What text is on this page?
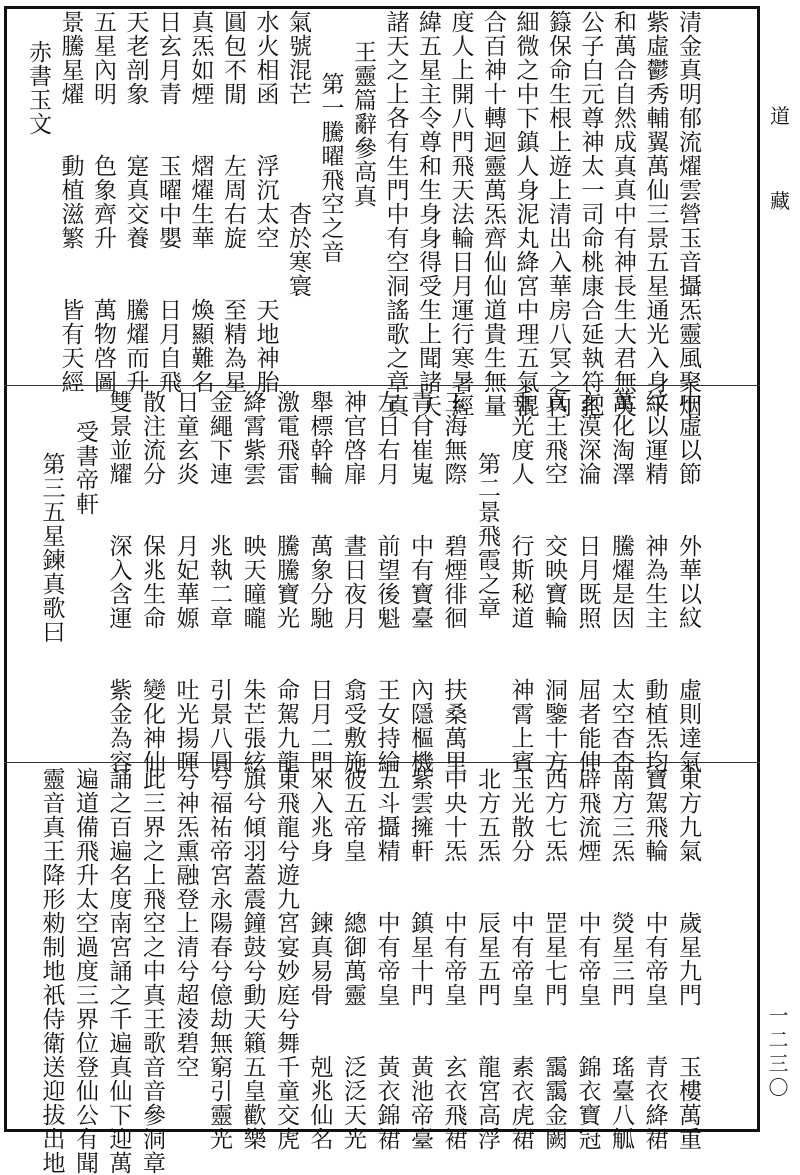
道
藏
一二三〇
清金真明郁流燿雲營玉音攝炁靈風聚烟
紫虛鬱秀輔翼萬仙三景五星通光入身千
和萬合自然成真真中有神長生大君無英
公子白元尊神太一司命桃康合延執符把
籙保命生根上遊上清出入華房八冥之內
細微之中下鎮人身泥丸絳宮中理五氣混
合百神十轉迴靈萬炁齊仙仙道貴生無量
度人上開八門飛天法輪日月運行寒暑經
緯五星主令尊和生身身得受生上聞諸天
諸天之上各有生門中有空洞謠歌之章真
王靈篇辭參高真
第一騰曜飛空之音
氣號混芒　　　　杳於寒寰
水火相函　　浮沉太空　　天地神胎
圓包不閒　　左周右旋　　至精為星
真炁如煙　　熠燿生華　　煥顯難名
日玄月青　　玉曜中嬰　　日月自飛
天老剖象　　寔真交養　　騰燿而升
五星內明　　色象齊升　　萬物啓圖
景騰星燿　　動植滋繁　　皆有天經
赤書玉文
中虛以節　　外華以紋　　虛則達氣
紋以運精　　神為生主　　動植炁均
萬化淘澤　　騰燿是因　　太空杳杳
玄漠深淪　　日月既照　　屈者能伸
真王飛空　　交映寶輪　　洞鑒十方
垂光度人　　行斯秘道　　神霄上賓
第二景飛霞之章
玉海無際　　碧煙徘徊　　扶桑萬里
青䏌崔嵬　　中有寶臺　　內隱樞機
左日右月　　前望後魁　　王女持綸
神官啓扉　　晝日夜月　　翕受敷施
舉標幹輪　　萬象分馳　　日月二門
激電飛雷　　騰騰寶光　　命駕九龍
絳霄紫雲　　映天曈曨　　朱芒張絃
金繩下連　　兆執二章　　引景八圓
日童玄炎　　月妃華嫄　　吐光揚暉
散注流分　　保兆生命　　變化神仙
雙景並耀　　深入含運　　紫金為容
受書帝軒
第三五星鍊真歌曰
東方九氣　　歲星九門　　玉樓萬重
寶駕飛輪　　中有帝皇　　青衣絳裙
南方三炁　　熒星三門　　瑤臺八觚
辟飛流煙　　中有帝皇　　錦衣寶冠
西方七炁　　罡星七門　　靄靄金闕
玉光散分　　中有帝皇　　素衣虎裙
北方五炁　　辰星五門　　龍宮高浮
中央十炁　　中有帝皇　　玄衣飛裙
紫雲擁軒　　鎮星十門　　黃池帝臺
五斗攝精　　中有帝皇　　黃衣錦裙
彼五帝皇　　總御萬靈　　泛泛天光
來入兆身　　鍊真易骨　　剋兆仙名
東飛龍兮遊九宮宴妙庭兮舞千童交虎
旗兮傾羽蓋震鐘鼓兮動天籟五皇歡樂
兮福祐帝宮永陽春兮億劫無窮引靈光
兮神炁熏融登上清兮超淩碧空
此三界之上飛空之中真王歌音音參洞章
誦之百遍名度南宮誦之千遍真仙下迎萬
遍道備飛升太空過度三界位登仙公有聞
靈音真王降形勑制地祇侍衛送迎拔出地
